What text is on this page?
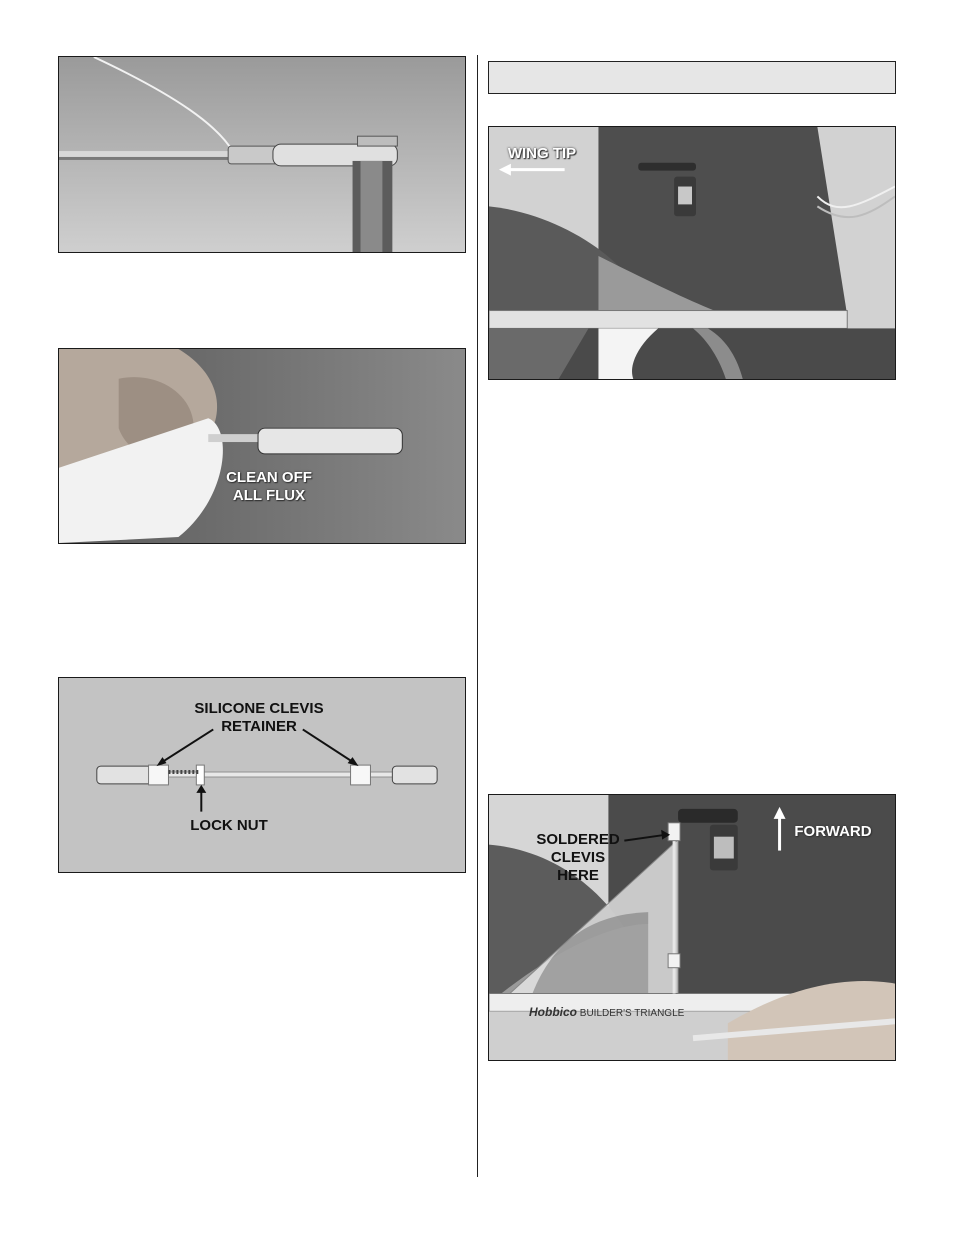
CLEAN OFF
ALL FLUX
SILICONE CLEVIS
RETAINER
LOCK NUT
WING TIP
SOLDERED
CLEVIS
HERE
FORWARD
Hobbico BUILDER'S TRIANGLE
